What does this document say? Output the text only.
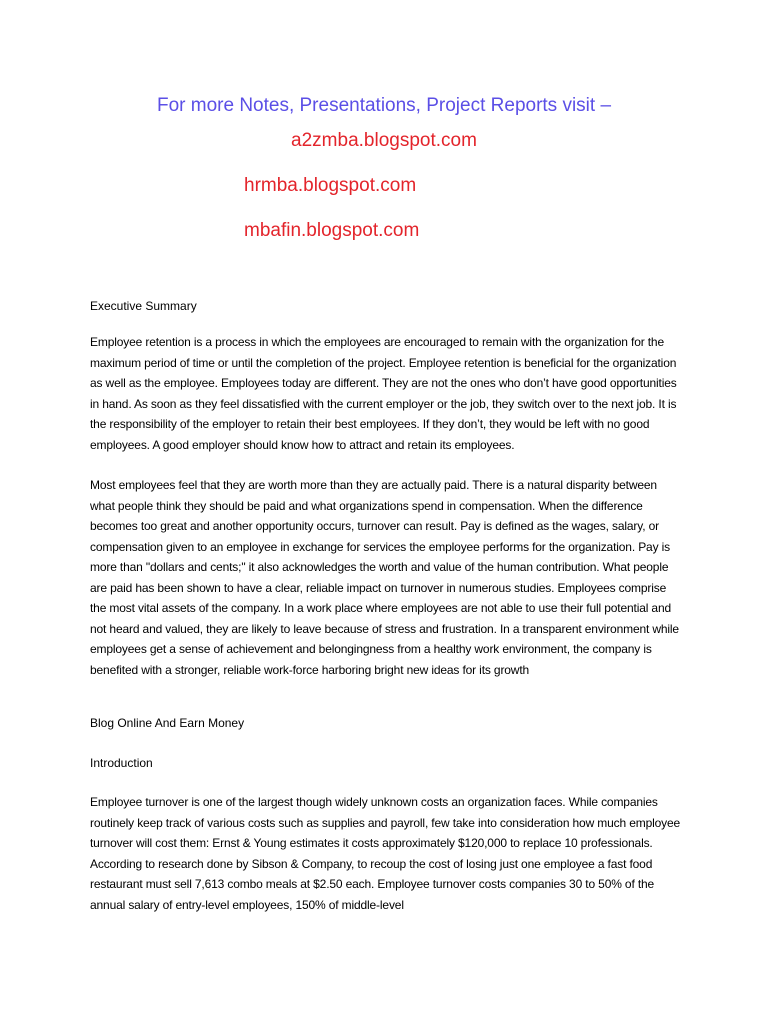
For more Notes, Presentations, Project Reports visit –
a2zmba.blogspot.com
hrmba.blogspot.com
mbafin.blogspot.com
Executive Summary
Employee retention is a process in which the employees are encouraged to remain with the organization for the maximum period of time or until the completion of the project. Employee retention is beneficial for the organization as well as the employee. Employees today are different. They are not the ones who don’t have good opportunities in hand. As soon as they feel dissatisfied with the current employer or the job, they switch over to the next job. It is the responsibility of the employer to retain their best employees. If they don’t, they would be left with no good employees. A good employer should know how to attract and retain its employees.
Most employees feel that they are worth more than they are actually paid. There is a natural disparity between what people think they should be paid and what organizations spend in compensation. When the difference becomes too great and another opportunity occurs, turnover can result. Pay is defined as the wages, salary, or compensation given to an employee in exchange for services the employee performs for the organization. Pay is more than "dollars and cents;" it also acknowledges the worth and value of the human contribution. What people are paid has been shown to have a clear, reliable impact on turnover in numerous studies. Employees comprise the most vital assets of the company. In a work place where employees are not able to use their full potential and not heard and valued, they are likely to leave because of stress and frustration. In a transparent environment while employees get a sense of achievement and belongingness from a healthy work environment, the company is benefited with a stronger, reliable work-force harboring bright new ideas for its growth
Blog Online And Earn Money
Introduction
Employee turnover is one of the largest though widely unknown costs an organization faces. While companies routinely keep track of various costs such as supplies and payroll, few take into consideration how much employee turnover will cost them: Ernst & Young estimates it costs approximately $120,000 to replace 10 professionals. According to research done by Sibson & Company, to recoup the cost of losing just one employee a fast food restaurant must sell 7,613 combo meals at $2.50 each. Employee turnover costs companies 30 to 50% of the annual salary of entry-level employees, 150% of middle-level
